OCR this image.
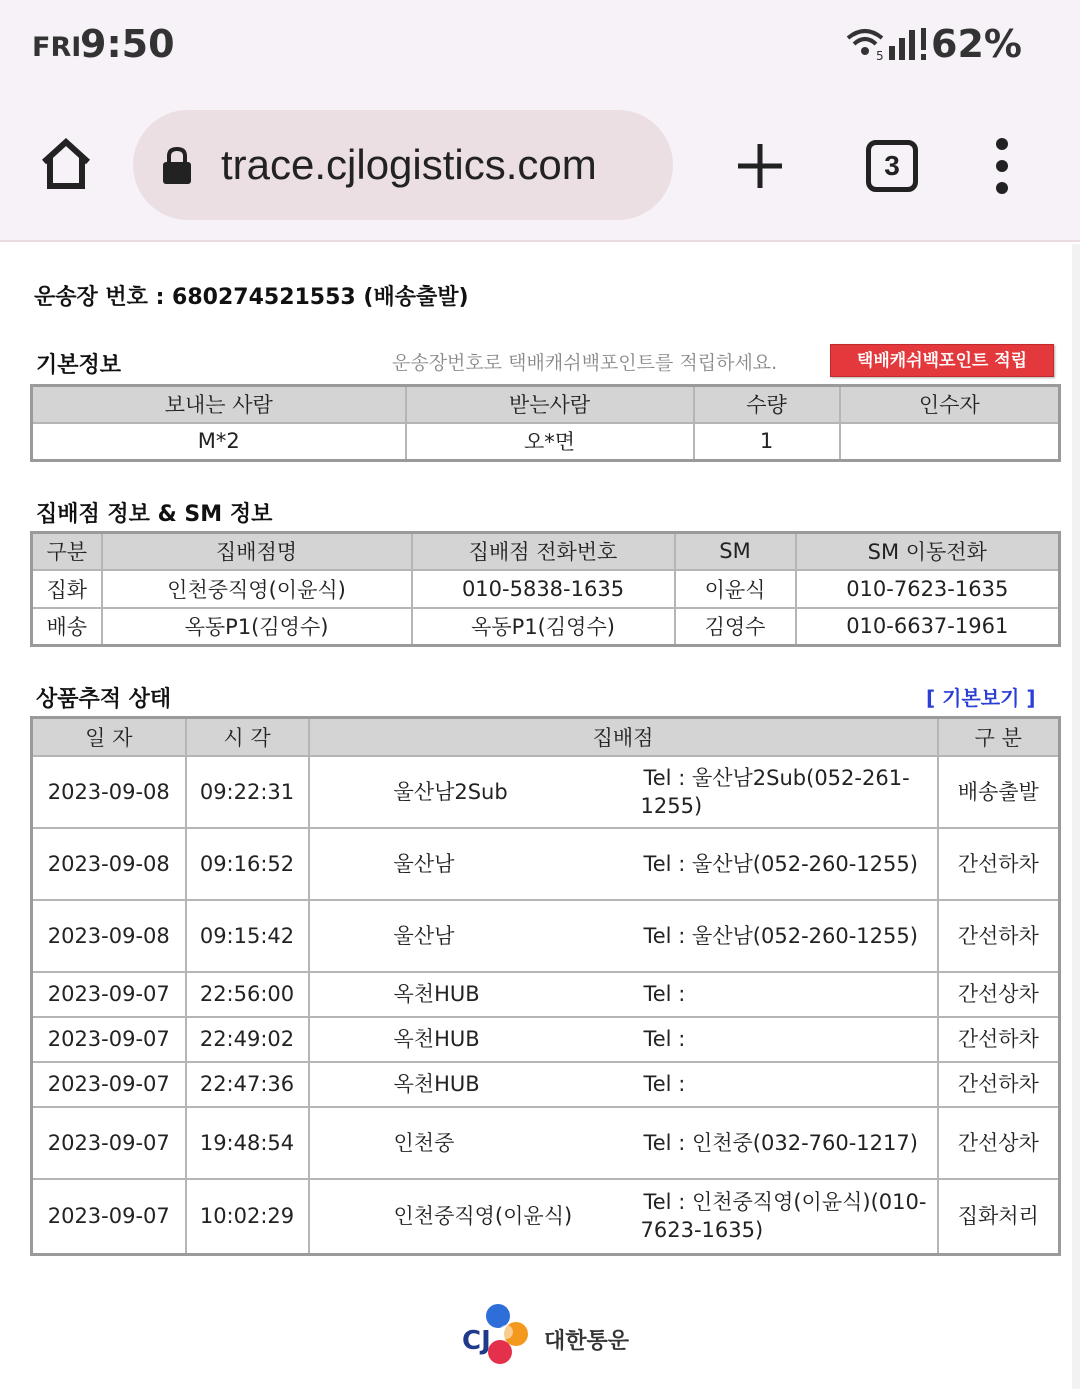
FRI
9:50	5 62%
trace.cjlogistics.com	3
운송장 번호 : 680274521553 (배송출발)
기본정보	운송장번호로 택배캐쉬백포인트를 적립하세요.	택배캐쉬백포인트 적립
보내는 사람	받는사람	수량	인수자
M*2	오*면	1	
집배점 정보 & SM 정보
구분	집배점명	집배점 전화번호	SM	SM 이동전화
집화	인천중직영(이윤식)	010-5838-1635	이윤식	010-7623-1635
배송	옥동P1(김영수)	옥동P1(김영수)	김영수	010-6637-1961
상품추적 상태	[ 기본보기 ]
일 자	시 각	집배점		구 분
2023-09-08	09:22:31	울산남2Sub	Tel : 울산남2Sub(052-261-1255)	배송출발
2023-09-08	09:16:52	울산남	Tel : 울산남(052-260-1255)	간선하차
2023-09-08	09:15:42	울산남	Tel : 울산남(052-260-1255)	간선하차
2023-09-07	22:56:00	옥천HUB	Tel :	간선상차
2023-09-07	22:49:02	옥천HUB	Tel :	간선하차
2023-09-07	22:47:36	옥천HUB	Tel :	간선하차
2023-09-07	19:48:54	인천중	Tel : 인천중(032-760-1217)	간선상차
2023-09-07	10:02:29	인천중직영(이윤식)	Tel : 인천중직영(이윤식)(010-7623-1635)	집화처리
CJ 대한통운
